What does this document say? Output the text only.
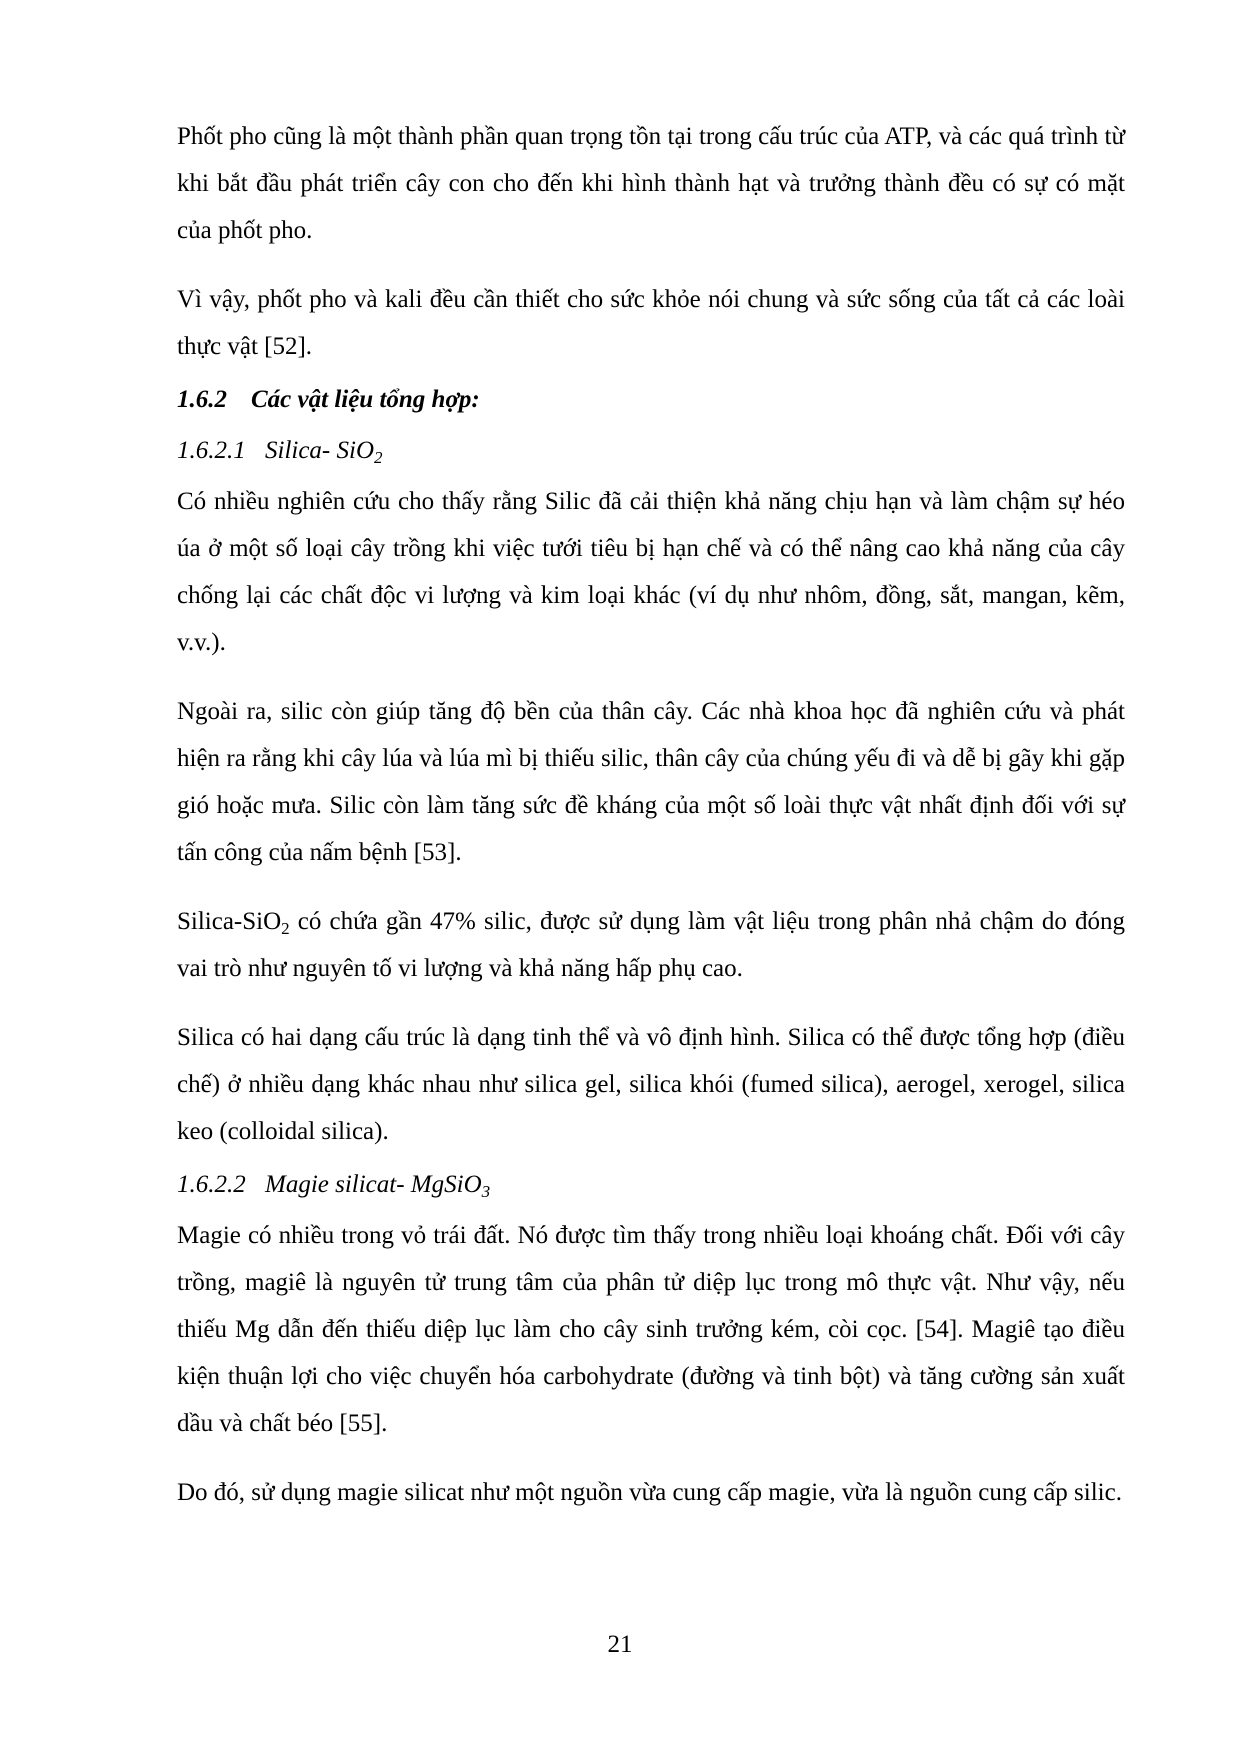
Phốt pho cũng là một thành phần quan trọng tồn tại trong cấu trúc của ATP, và các quá trình từ khi bắt đầu phát triển cây con cho đến khi hình thành hạt và trưởng thành đều có sự có mặt của phốt pho.

Vì vậy, phốt pho và kali đều cần thiết cho sức khỏe nói chung và sức sống của tất cả các loài thực vật [52].

1.6.2 Các vật liệu tổng hợp:
1.6.2.1 Silica- SiO$_2$

Có nhiều nghiên cứu cho thấy rằng Silic đã cải thiện khả năng chịu hạn và làm chậm sự héo úa ở một số loại cây trồng khi việc tưới tiêu bị hạn chế và có thể nâng cao khả năng của cây chống lại các chất độc vi lượng và kim loại khác (ví dụ như nhôm, đồng, sắt, mangan, kẽm, v.v.).

Ngoài ra, silic còn giúp tăng độ bền của thân cây. Các nhà khoa học đã nghiên cứu và phát hiện ra rằng khi cây lúa và lúa mì bị thiếu silic, thân cây của chúng yếu đi và dễ bị gãy khi gặp gió hoặc mưa. Silic còn làm tăng sức đề kháng của một số loài thực vật nhất định đối với sự tấn công của nấm bệnh [53].

Silica-SiO$_2$ có chứa gần 47% silic, được sử dụng làm vật liệu trong phân nhả chậm do đóng vai trò như nguyên tố vi lượng và khả năng hấp phụ cao.

Silica có hai dạng cấu trúc là dạng tinh thể và vô định hình. Silica có thể được tổng hợp (điều chế) ở nhiều dạng khác nhau như silica gel, silica khói (fumed silica), aerogel, xerogel, silica keo (colloidal silica).

1.6.2.2 Magie silicat- MgSiO$_3$

Magie có nhiều trong vỏ trái đất. Nó được tìm thấy trong nhiều loại khoáng chất. Đối với cây trồng, magiê là nguyên tử trung tâm của phân tử diệp lục trong mô thực vật. Như vậy, nếu thiếu Mg dẫn đến thiếu diệp lục làm cho cây sinh trưởng kém, còi cọc. [54]. Magiê tạo điều kiện thuận lợi cho việc chuyển hóa carbohydrate (đường và tinh bột) và tăng cường sản xuất dầu và chất béo [55].

Do đó, sử dụng magie silicat như một nguồn vừa cung cấp magie, vừa là nguồn cung cấp silic.

21
